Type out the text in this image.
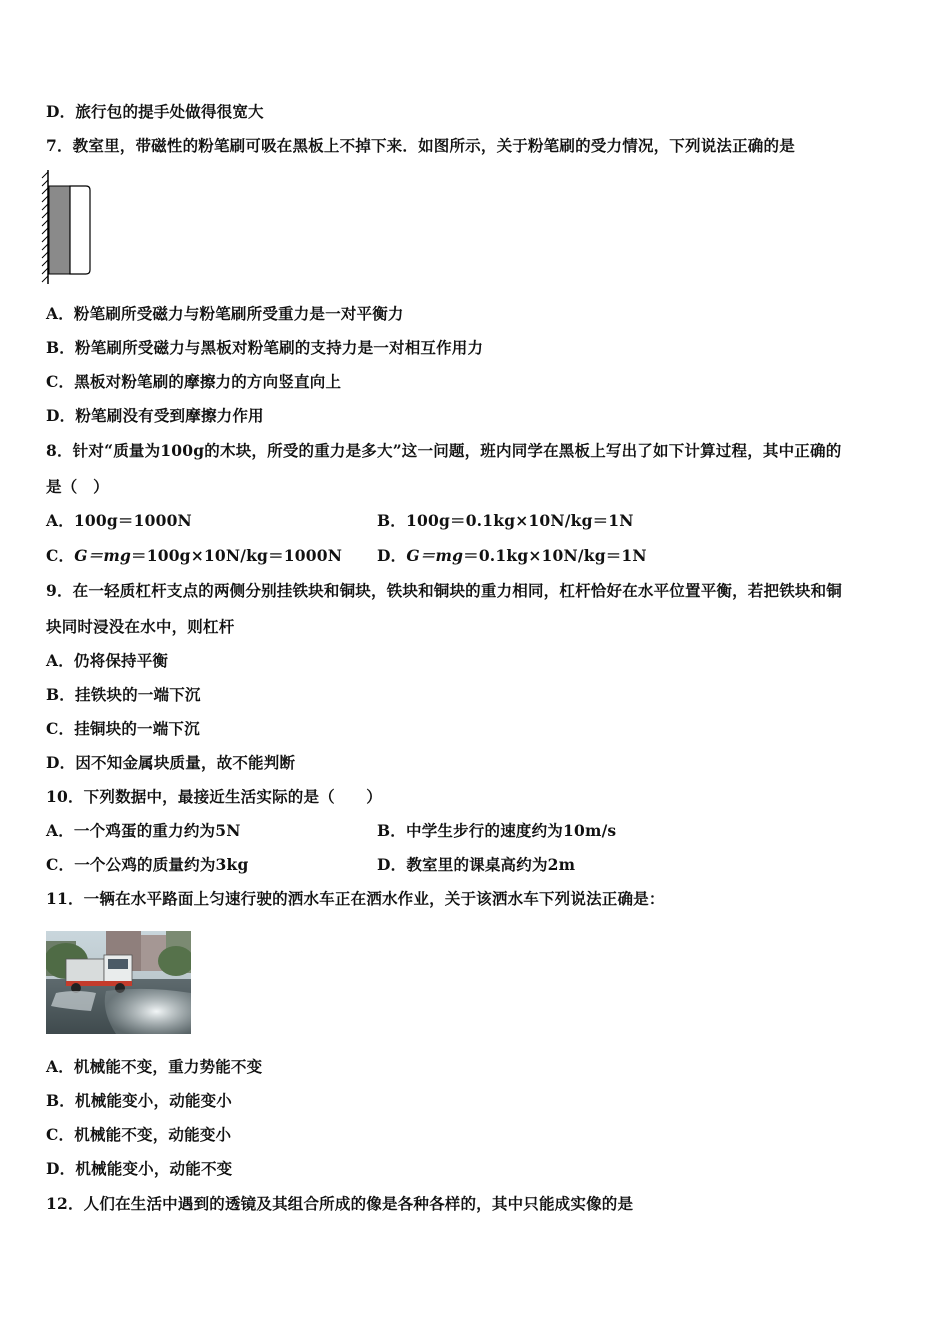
D．旅行包的提手处做得很宽大
7．教室里，带磁性的粉笔刷可吸在黑板上不掉下来．如图所示，关于粉笔刷的受力情况，下列说法正确的是
A．粉笔刷所受磁力与粉笔刷所受重力是一对平衡力
B．粉笔刷所受磁力与黑板对粉笔刷的支持力是一对相互作用力
C．黑板对粉笔刷的摩擦力的方向竖直向上
D．粉笔刷没有受到摩擦力作用
8．针对“质量为100g的木块，所受的重力是多大”这一问题，班内同学在黑板上写出了如下计算过程，其中正确的
是（　）
A．100g＝1000N	B．100g＝0.1kg×10N/kg＝1N
C．G＝mg＝100g×10N/kg＝1000N D．G＝mg＝0.1kg×10N/kg＝1N
9．在一轻质杠杆支点的两侧分别挂铁块和铜块，铁块和铜块的重力相同，杠杆恰好在水平位置平衡，若把铁块和铜
块同时浸没在水中，则杠杆
A．仍将保持平衡
B．挂铁块的一端下沉
C．挂铜块的一端下沉
D．因不知金属块质量，故不能判断
10．下列数据中，最接近生活实际的是（　　）
A．一个鸡蛋的重力约为5N	B．中学生步行的速度约为10m/s
C．一个公鸡的质量约为3kg	D．教室里的课桌高约为2m
11．一辆在水平路面上匀速行驶的洒水车正在洒水作业，关于该洒水车下列说法正确是：
A．机械能不变，重力势能不变
B．机械能变小，动能变小
C．机械能不变，动能变小
D．机械能变小，动能不变
12．人们在生活中遇到的透镜及其组合所成的像是各种各样的，其中只能成实像的是
